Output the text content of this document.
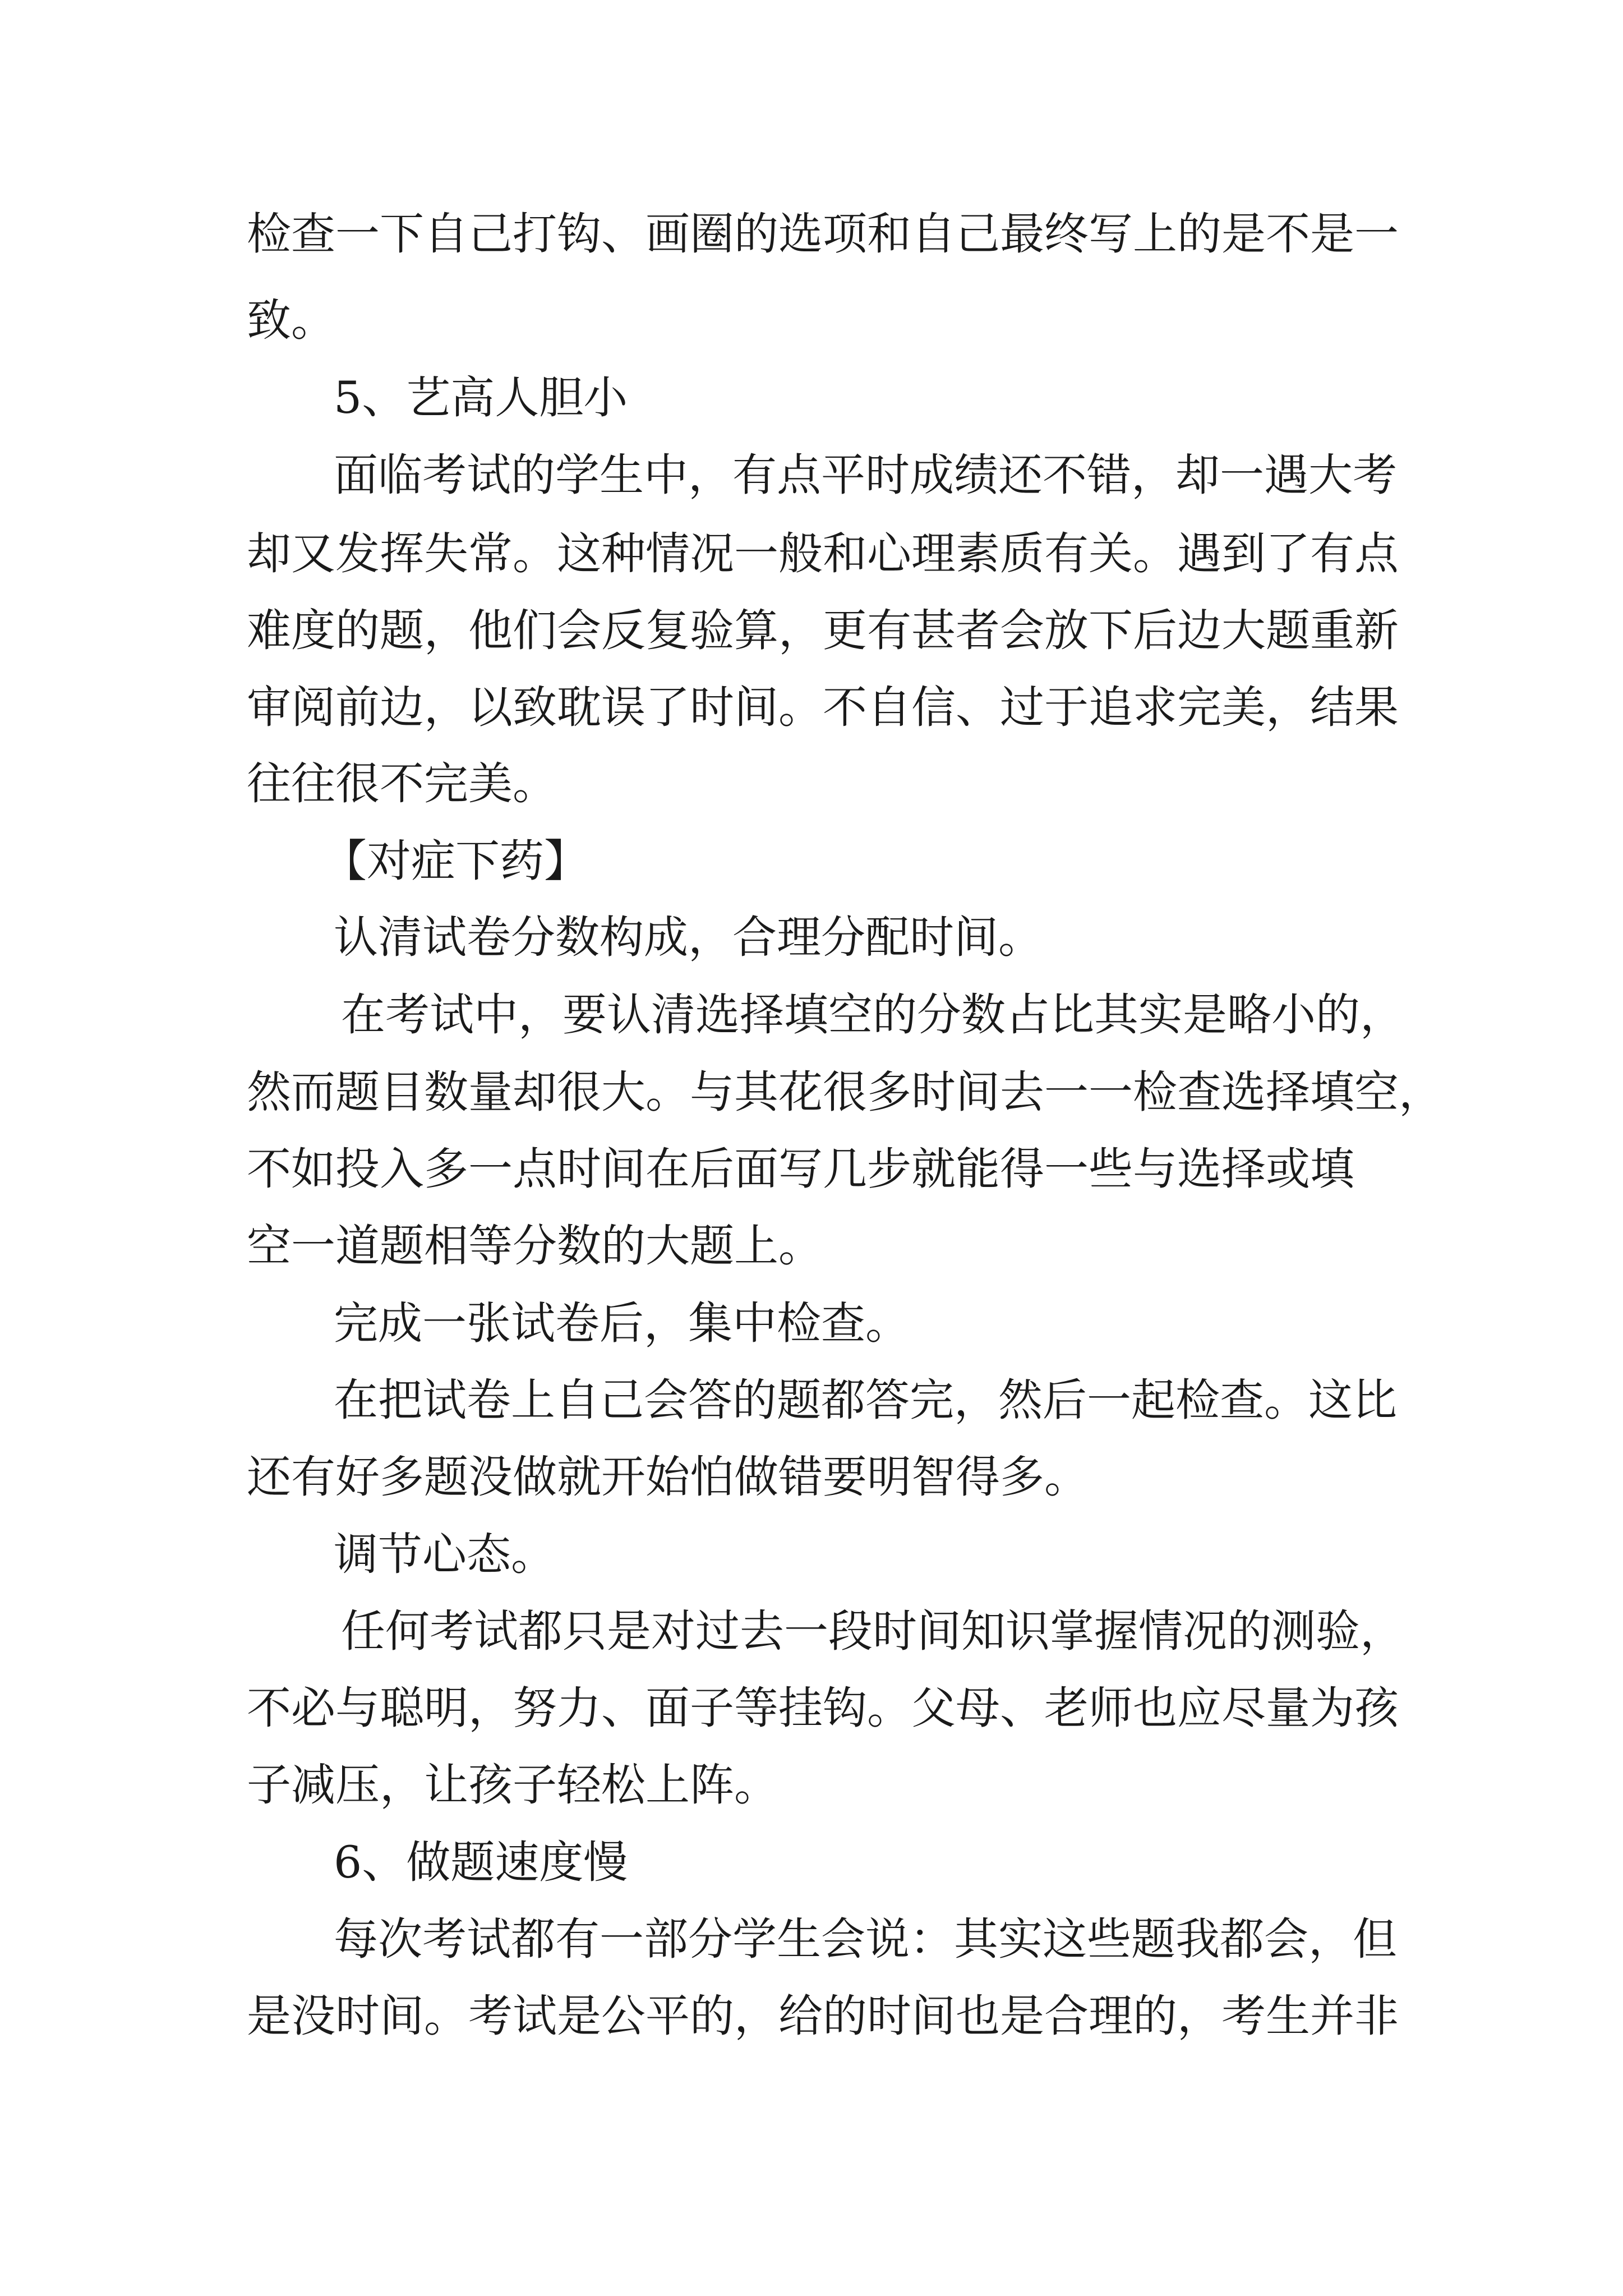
检查一下自己打钩、画圈的选项和自己最终写上的是不是一
致。
5、艺高人胆小
面临考试的学生中，有点平时成绩还不错，却一遇大考
却又发挥失常。这种情况一般和心理素质有关。遇到了有点
难度的题，他们会反复验算，更有甚者会放下后边大题重新
审阅前边，以致耽误了时间。不自信、过于追求完美，结果
往往很不完美。
【对症下药】
认清试卷分数构成，合理分配时间。
在考试中，要认清选择填空的分数占比其实是略小的，
然而题目数量却很大。与其花很多时间去一一检查选择填空，
不如投入多一点时间在后面写几步就能得一些与选择或填
空一道题相等分数的大题上。
完成一张试卷后，集中检查。
在把试卷上自己会答的题都答完，然后一起检查。这比
还有好多题没做就开始怕做错要明智得多。
调节心态。
任何考试都只是对过去一段时间知识掌握情况的测验，
不必与聪明，努力、面子等挂钩。父母、老师也应尽量为孩
子减压，让孩子轻松上阵。
6、做题速度慢
每次考试都有一部分学生会说：其实这些题我都会，但
是没时间。考试是公平的，给的时间也是合理的，考生并非
